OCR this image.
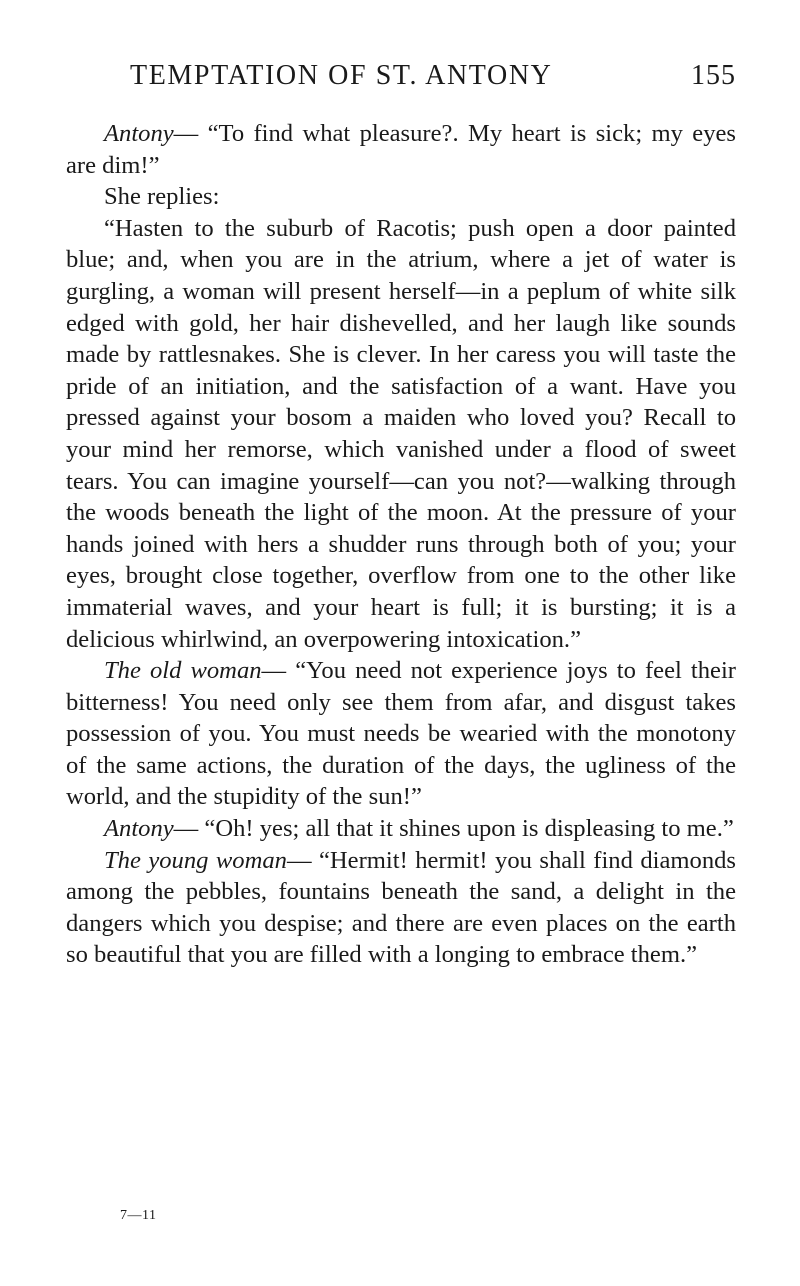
TEMPTATION OF ST. ANTONY	155

Antony— “To find what pleasure?. My heart is sick; my eyes are dim!”

She replies:

“Hasten to the suburb of Racotis; push open a door painted blue; and, when you are in the atrium, where a jet of water is gurgling, a woman will present herself—in a peplum of white silk edged with gold, her hair dishevelled, and her laugh like sounds made by rattlesnakes. She is clever. In her caress you will taste the pride of an initiation, and the satisfaction of a want. Have you pressed against your bosom a maiden who loved you? Recall to your mind her remorse, which vanished under a flood of sweet tears. You can imagine yourself—can you not?—walking through the woods beneath the light of the moon. At the pressure of your hands joined with hers a shudder runs through both of you; your eyes, brought close together, overflow from one to the other like immaterial waves, and your heart is full; it is bursting; it is a delicious whirlwind, an overpowering intoxication.”

The old woman— “You need not experience joys to feel their bitterness! You need only see them from afar, and disgust takes possession of you. You must needs be wearied with the monotony of the same actions, the duration of the days, the ugliness of the world, and the stupidity of the sun!”

Antony— “Oh! yes; all that it shines upon is displeasing to me.”

The young woman— “Hermit! hermit! you shall find diamonds among the pebbles, fountains beneath the sand, a delight in the dangers which you despise; and there are even places on the earth so beautiful that you are filled with a longing to embrace them.”

7—11
